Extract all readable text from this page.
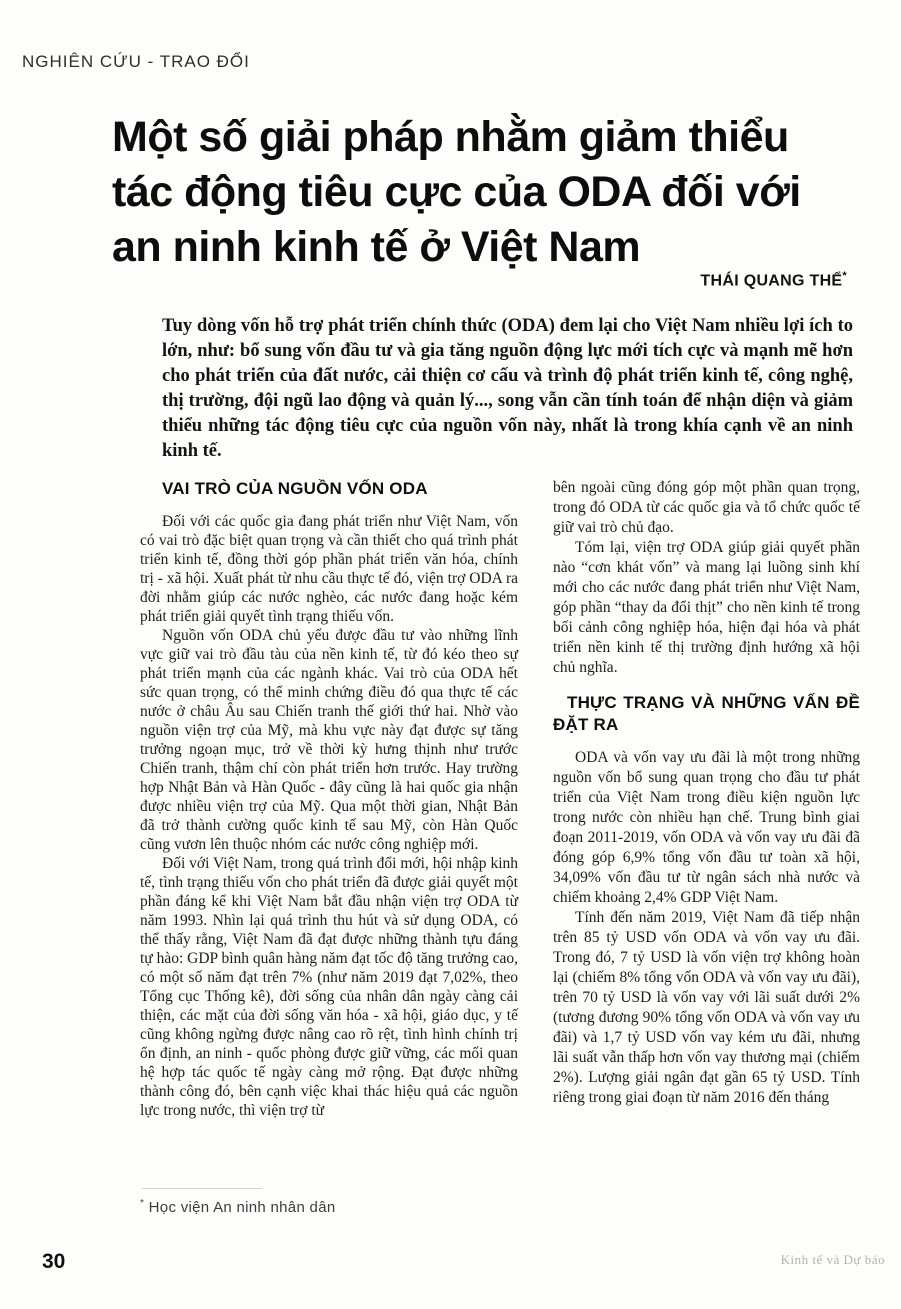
NGHIÊN CỨU - TRAO ĐỔI
Một số giải pháp nhằm giảm thiểu
tác động tiêu cực của ODA đối với
an ninh kinh tế ở Việt Nam
THÁI QUANG THỂ*

Tuy dòng vốn hỗ trợ phát triển chính thức (ODA) đem lại cho Việt Nam nhiều lợi ích to lớn, như: bổ sung vốn đầu tư và gia tăng nguồn động lực mới tích cực và mạnh mẽ hơn cho phát triển của đất nước, cải thiện cơ cấu và trình độ phát triển kinh tế, công nghệ, thị trường, đội ngũ lao động và quản lý..., song vẫn cần tính toán để nhận diện và giảm thiểu những tác động tiêu cực của nguồn vốn này, nhất là trong khía cạnh về an ninh kinh tế.

VAI TRÒ CỦA NGUỒN VỐN ODA

Đối với các quốc gia đang phát triển như Việt Nam, vốn có vai trò đặc biệt quan trọng và cần thiết cho quá trình phát triển kinh tế, đồng thời góp phần phát triển văn hóa, chính trị - xã hội. Xuất phát từ nhu cầu thực tế đó, viện trợ ODA ra đời nhằm giúp các nước nghèo, các nước đang hoặc kém phát triển giải quyết tình trạng thiếu vốn.

Nguồn vốn ODA chủ yếu được đầu tư vào những lĩnh vực giữ vai trò đầu tàu của nền kinh tế, từ đó kéo theo sự phát triển mạnh của các ngành khác. Vai trò của ODA hết sức quan trọng, có thể minh chứng điều đó qua thực tế các nước ở châu Âu sau Chiến tranh thế giới thứ hai. Nhờ vào nguồn viện trợ của Mỹ, mà khu vực này đạt được sự tăng trưởng ngoạn mục, trở về thời kỳ hưng thịnh như trước Chiến tranh, thậm chí còn phát triển hơn trước. Hay trường hợp Nhật Bản và Hàn Quốc - đây cũng là hai quốc gia nhận được nhiều viện trợ của Mỹ. Qua một thời gian, Nhật Bản đã trở thành cường quốc kinh tế sau Mỹ, còn Hàn Quốc cũng vươn lên thuộc nhóm các nước công nghiệp mới.

Đối với Việt Nam, trong quá trình đổi mới, hội nhập kinh tế, tình trạng thiếu vốn cho phát triển đã được giải quyết một phần đáng kể khi Việt Nam bắt đầu nhận viện trợ ODA từ năm 1993. Nhìn lại quá trình thu hút và sử dụng ODA, có thể thấy rằng, Việt Nam đã đạt được những thành tựu đáng tự hào: GDP bình quân hàng năm đạt tốc độ tăng trưởng cao, có một số năm đạt trên 7% (như năm 2019 đạt 7,02%, theo Tổng cục Thống kê), đời sống của nhân dân ngày càng cải thiện, các mặt của đời sống văn hóa - xã hội, giáo dục, y tế cũng không ngừng được nâng cao rõ rệt, tình hình chính trị ổn định, an ninh - quốc phòng được giữ vững, các mối quan hệ hợp tác quốc tế ngày càng mở rộng. Đạt được những thành công đó, bên cạnh việc khai thác hiệu quả các nguồn lực trong nước, thì viện trợ từ

bên ngoài cũng đóng góp một phần quan trọng, trong đó ODA từ các quốc gia và tổ chức quốc tế giữ vai trò chủ đạo.

Tóm lại, viện trợ ODA giúp giải quyết phần nào “cơn khát vốn” và mang lại luồng sinh khí mới cho các nước đang phát triển như Việt Nam, góp phần “thay da đổi thịt” cho nền kinh tế trong bối cảnh công nghiệp hóa, hiện đại hóa và phát triển nền kinh tế thị trường định hướng xã hội chủ nghĩa.

THỰC TRẠNG VÀ NHỮNG VẤN ĐỀ ĐẶT RA

ODA và vốn vay ưu đãi là một trong những nguồn vốn bổ sung quan trọng cho đầu tư phát triển của Việt Nam trong điều kiện nguồn lực trong nước còn nhiều hạn chế. Trung bình giai đoạn 2011-2019, vốn ODA và vốn vay ưu đãi đã đóng góp 6,9% tổng vốn đầu tư toàn xã hội, 34,09% vốn đầu tư từ ngân sách nhà nước và chiếm khoảng 2,4% GDP Việt Nam.

Tính đến năm 2019, Việt Nam đã tiếp nhận trên 85 tỷ USD vốn ODA và vốn vay ưu đãi. Trong đó, 7 tỷ USD là vốn viện trợ không hoàn lại (chiếm 8% tổng vốn ODA và vốn vay ưu đãi), trên 70 tỷ USD là vốn vay với lãi suất dưới 2% (tương đương 90% tổng vốn ODA và vốn vay ưu đãi) và 1,7 tỷ USD vốn vay kém ưu đãi, nhưng lãi suất vẫn thấp hơn vốn vay thương mại (chiếm 2%). Lượng giải ngân đạt gần 65 tỷ USD. Tính riêng trong giai đoạn từ năm 2016 đến tháng

* Học viện An ninh nhân dân
30	Kinh tế và Dự báo
